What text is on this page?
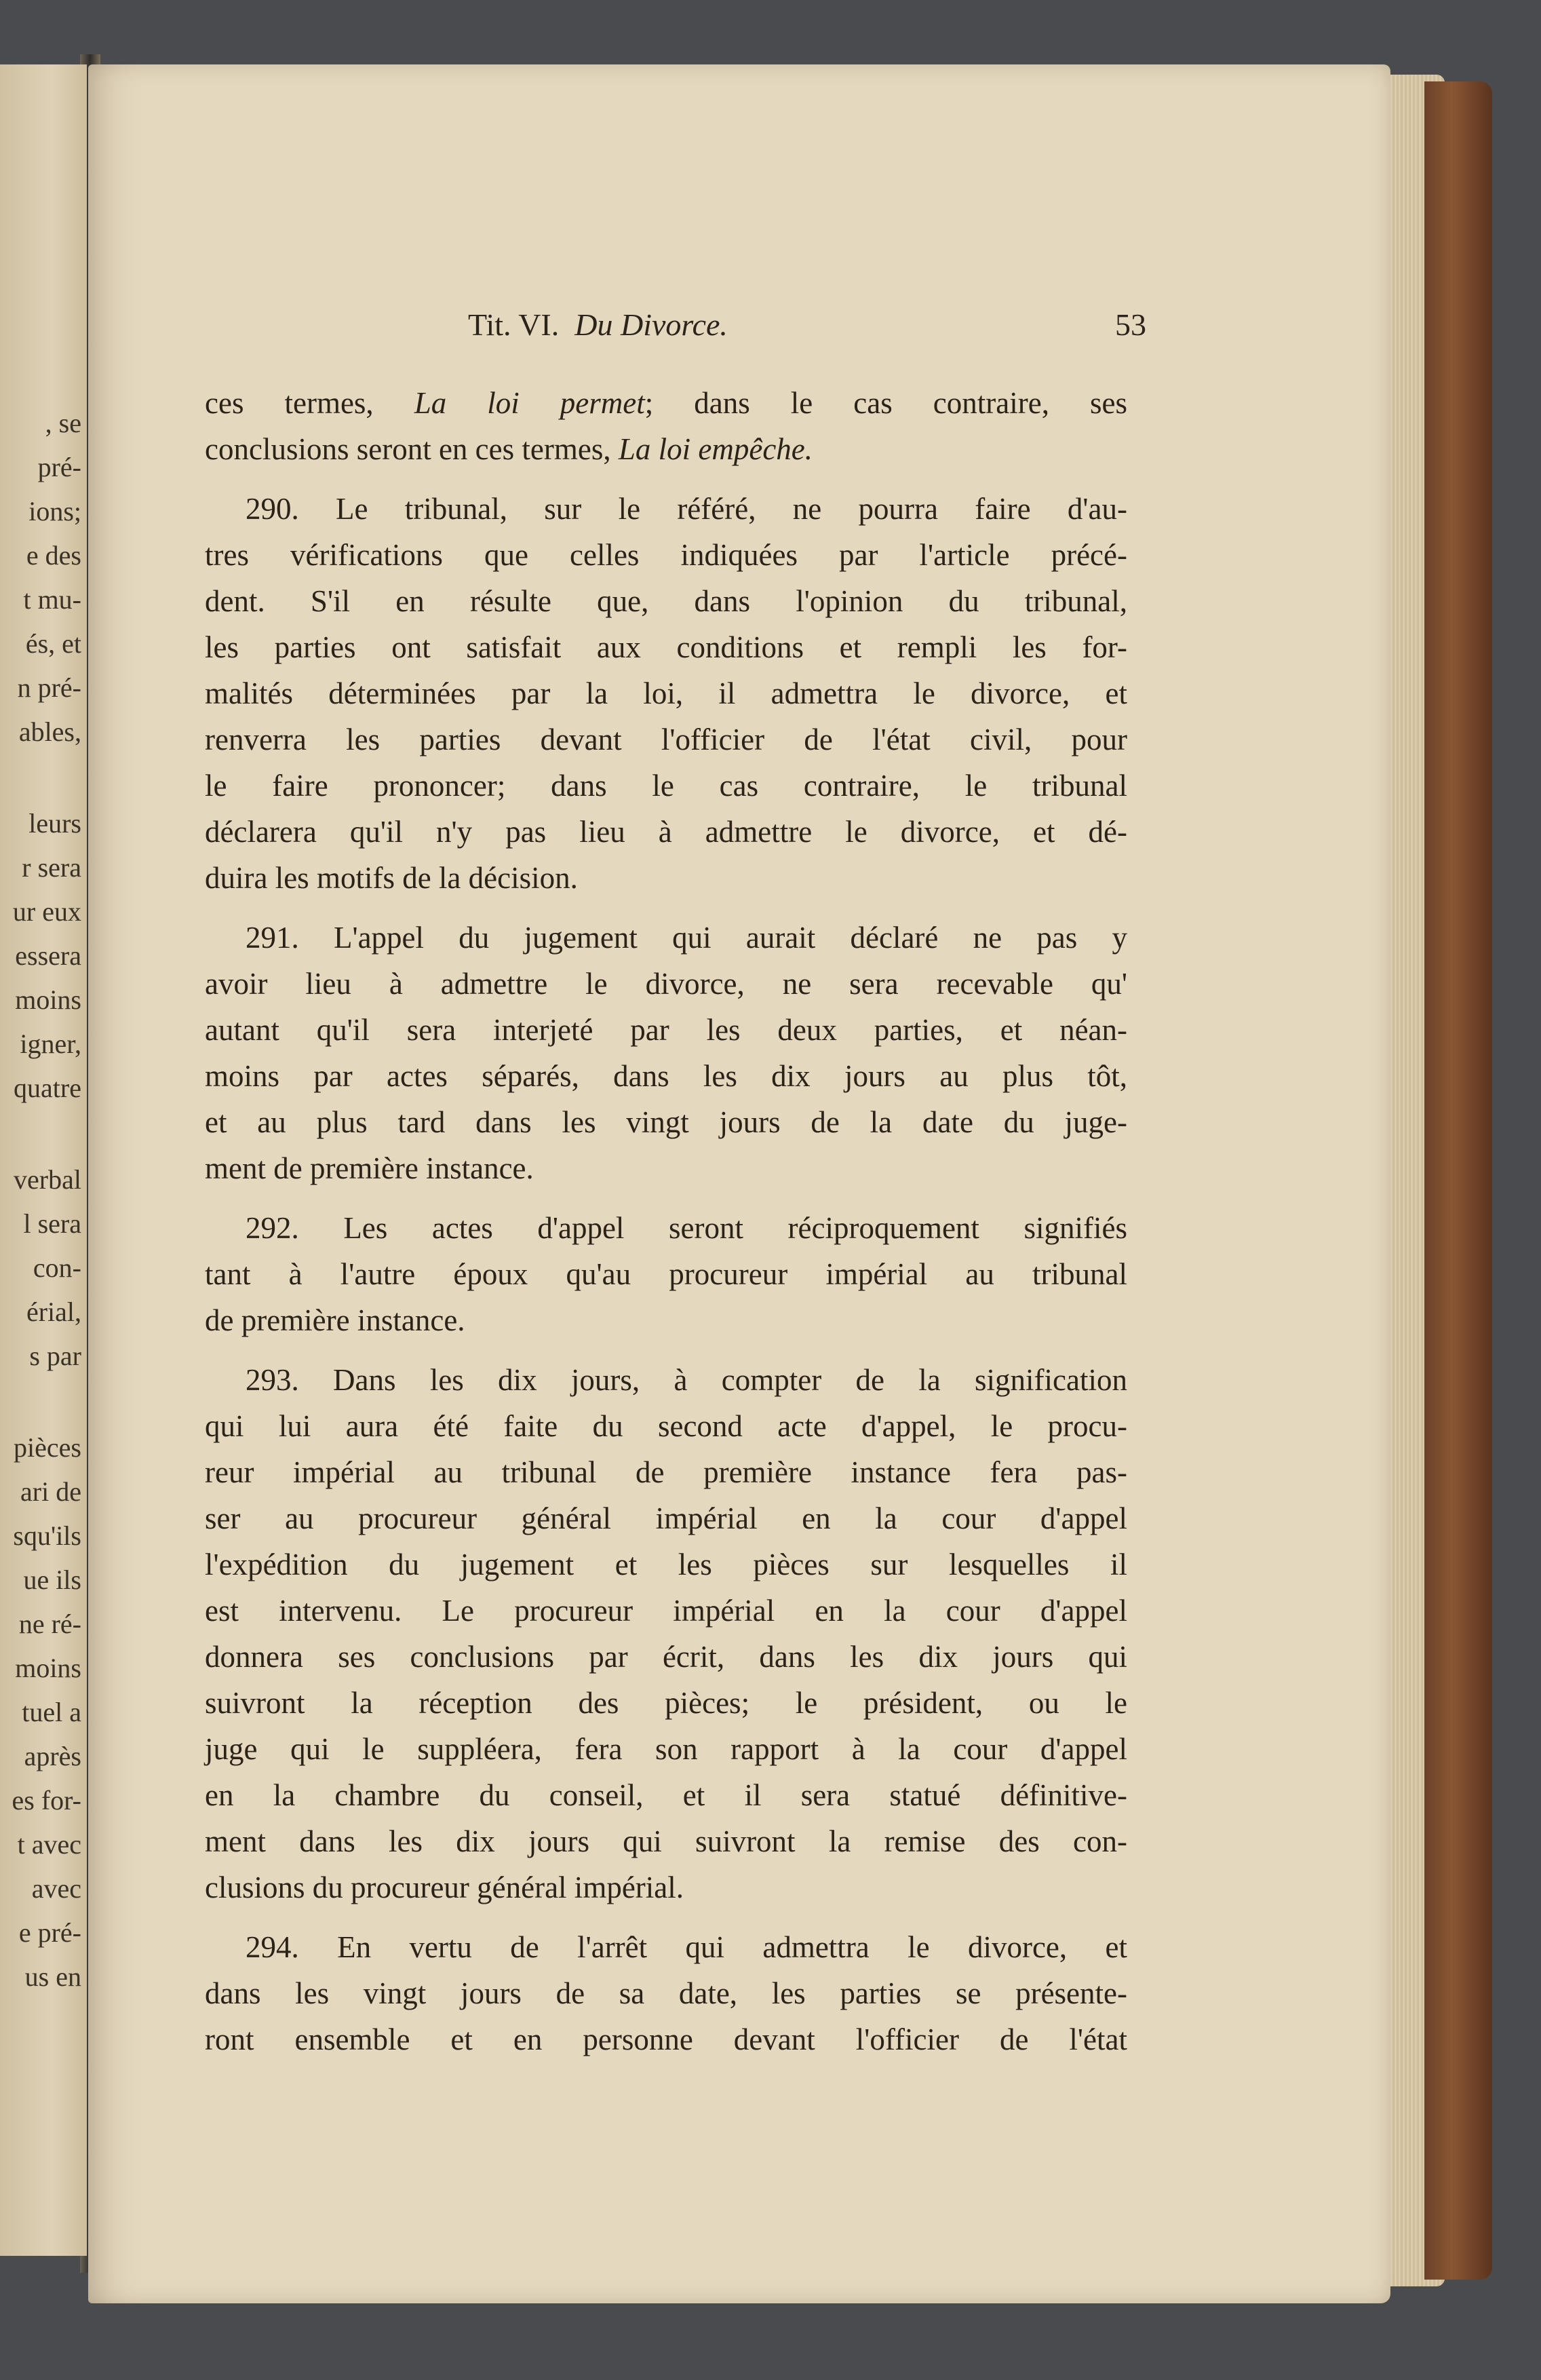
, se
pré-
ions;
e des
t mu-
és, et
n pré-
ables,
leurs
r sera
ur eux
essera
moins
igner,
quatre
verbal
l sera
con-
érial,
s par
pièces
ari de
squ'ils
ue ils
ne ré-
moins
tuel a
après
es for-
t avec
avec
e pré-
us en
Tit. VI. Du Divorce.	53
ces termes, La loi permet; dans le cas contraire, ses
conclusions seront en ces termes, La loi empêche.
290. Le tribunal, sur le référé, ne pourra faire d'au-
tres vérifications que celles indiquées par l'article précé-
dent. S'il en résulte que, dans l'opinion du tribunal,
les parties ont satisfait aux conditions et rempli les for-
malités déterminées par la loi, il admettra le divorce, et
renverra les parties devant l'officier de l'état civil, pour
le faire prononcer; dans le cas contraire, le tribunal
déclarera qu'il n'y pas lieu à admettre le divorce, et dé-
duira les motifs de la décision.
291. L'appel du jugement qui aurait déclaré ne pas y
avoir lieu à admettre le divorce, ne sera recevable qu'
autant qu'il sera interjeté par les deux parties, et néan-
moins par actes séparés, dans les dix jours au plus tôt,
et au plus tard dans les vingt jours de la date du juge-
ment de première instance.
292. Les actes d'appel seront réciproquement signifiés
tant à l'autre époux qu'au procureur impérial au tribunal
de première instance.
293. Dans les dix jours, à compter de la signification
qui lui aura été faite du second acte d'appel, le procu-
reur impérial au tribunal de première instance fera pas-
ser au procureur général impérial en la cour d'appel
l'expédition du jugement et les pièces sur lesquelles il
est intervenu. Le procureur impérial en la cour d'appel
donnera ses conclusions par écrit, dans les dix jours qui
suivront la réception des pièces; le président, ou le
juge qui le suppléera, fera son rapport à la cour d'appel
en la chambre du conseil, et il sera statué définitive-
ment dans les dix jours qui suivront la remise des con-
clusions du procureur général impérial.
294. En vertu de l'arrêt qui admettra le divorce, et
dans les vingt jours de sa date, les parties se présente-
ront ensemble et en personne devant l'officier de l'état
